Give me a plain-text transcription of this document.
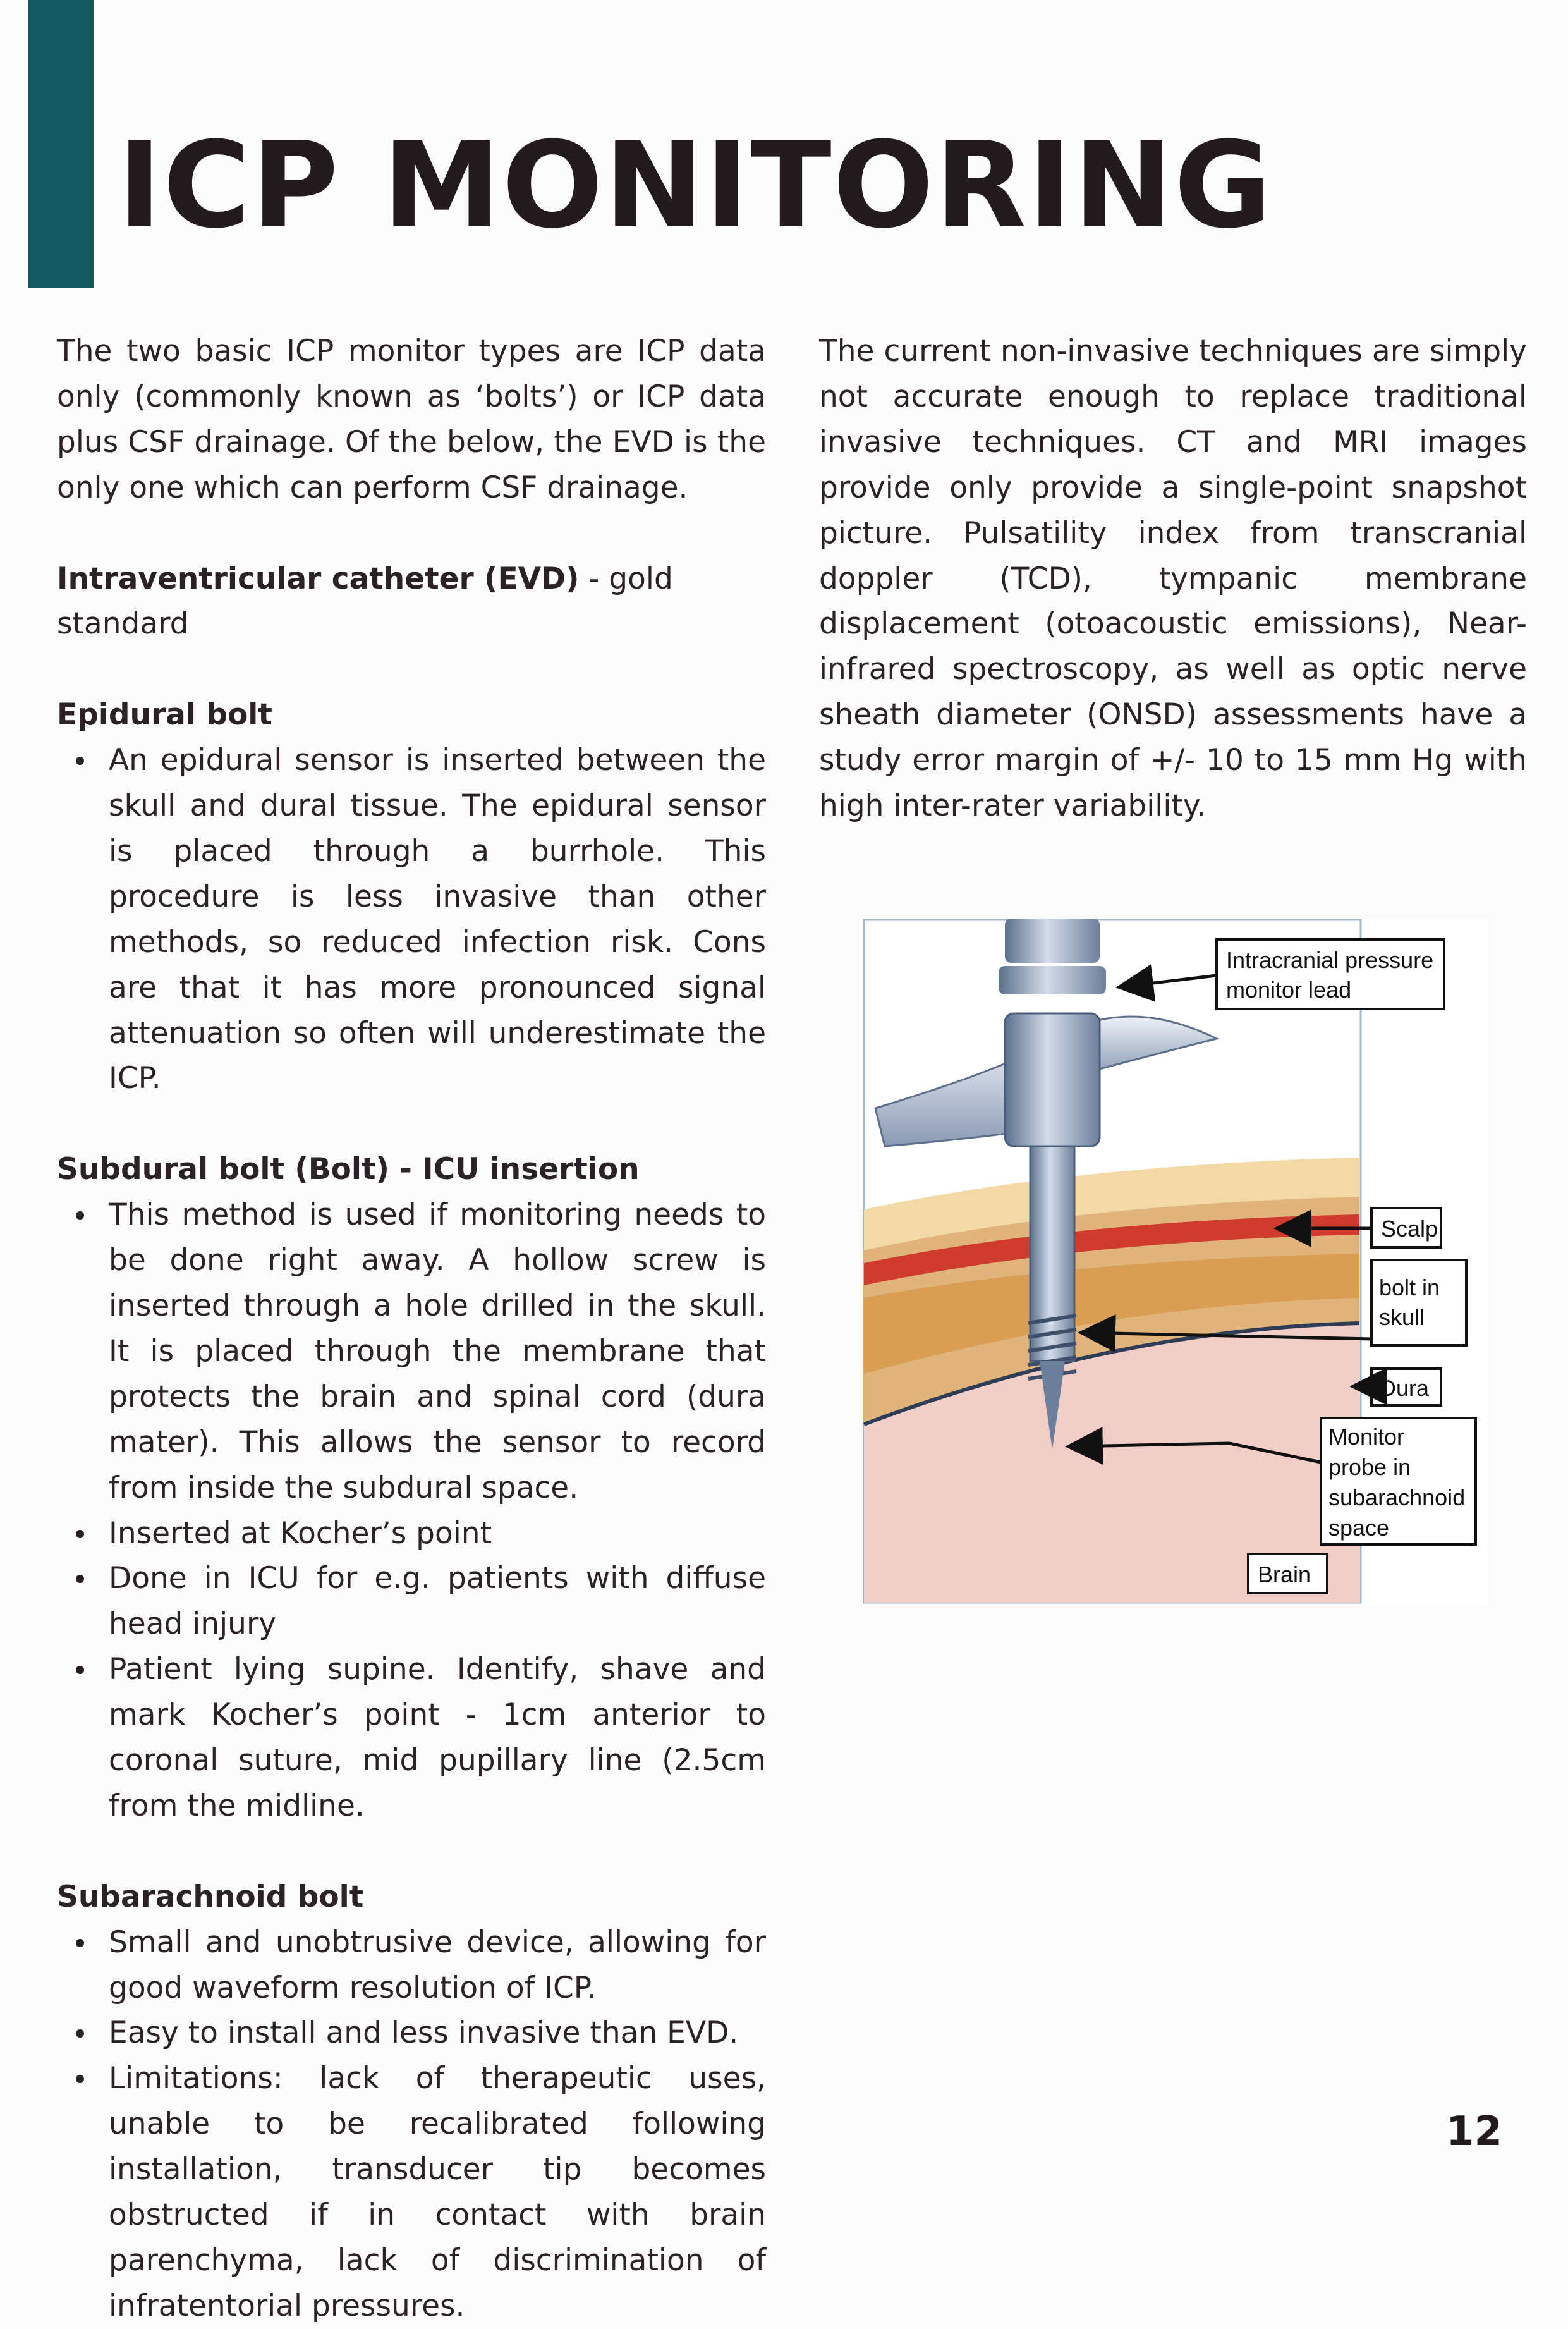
ICP MONITORING

The two basic ICP monitor types are ICP data only (commonly known as ‘bolts’) or ICP data plus CSF drainage. Of the below, the EVD is the only one which can perform CSF drainage.

Intraventricular catheter (EVD) - gold standard

Epidural bolt

An epidural sensor is inserted between the skull and dural tissue. The epidural sensor is placed through a burrhole. This procedure is less invasive than other methods, so reduced infection risk. Cons are that it has more pronounced signal attenuation so often will underestimate the ICP.

Subdural bolt (Bolt) - ICU insertion

This method is used if monitoring needs to be done right away. A hollow screw is inserted through a hole drilled in the skull. It is placed through the membrane that protects the brain and spinal cord (dura mater). This allows the sensor to record from inside the subdural space.
Inserted at Kocher’s point
Done in ICU for e.g. patients with diffuse head injury
Patient lying supine. Identify, shave and mark Kocher’s point - 1cm anterior to coronal suture, mid pupillary line (2.5cm from the midline.

Subarachnoid bolt

Small and unobtrusive device, allowing for good waveform resolution of ICP.
Easy to install and less invasive than EVD.
Limitations: lack of therapeutic uses, unable to be recalibrated following installation, transducer tip becomes obstructed if in contact with brain parenchyma, lack of discrimination of infratentorial pressures.

The current non-invasive techniques are simply not accurate enough to replace traditional invasive techniques. CT and MRI images provide only provide a single-point snapshot picture. Pulsatility index from transcranial doppler (TCD), tympanic membrane displacement (otoacoustic emissions), Near-infrared spectroscopy, as well as optic nerve sheath diameter (ONSD) assessments have a study error margin of +/- 10 to 15 mm Hg with high inter-rater variability.

Intracranial pressure
monitor lead
Scalp
bolt in
skull
Dura
Monitor
probe in
subarachnoid
space
Brain
12
